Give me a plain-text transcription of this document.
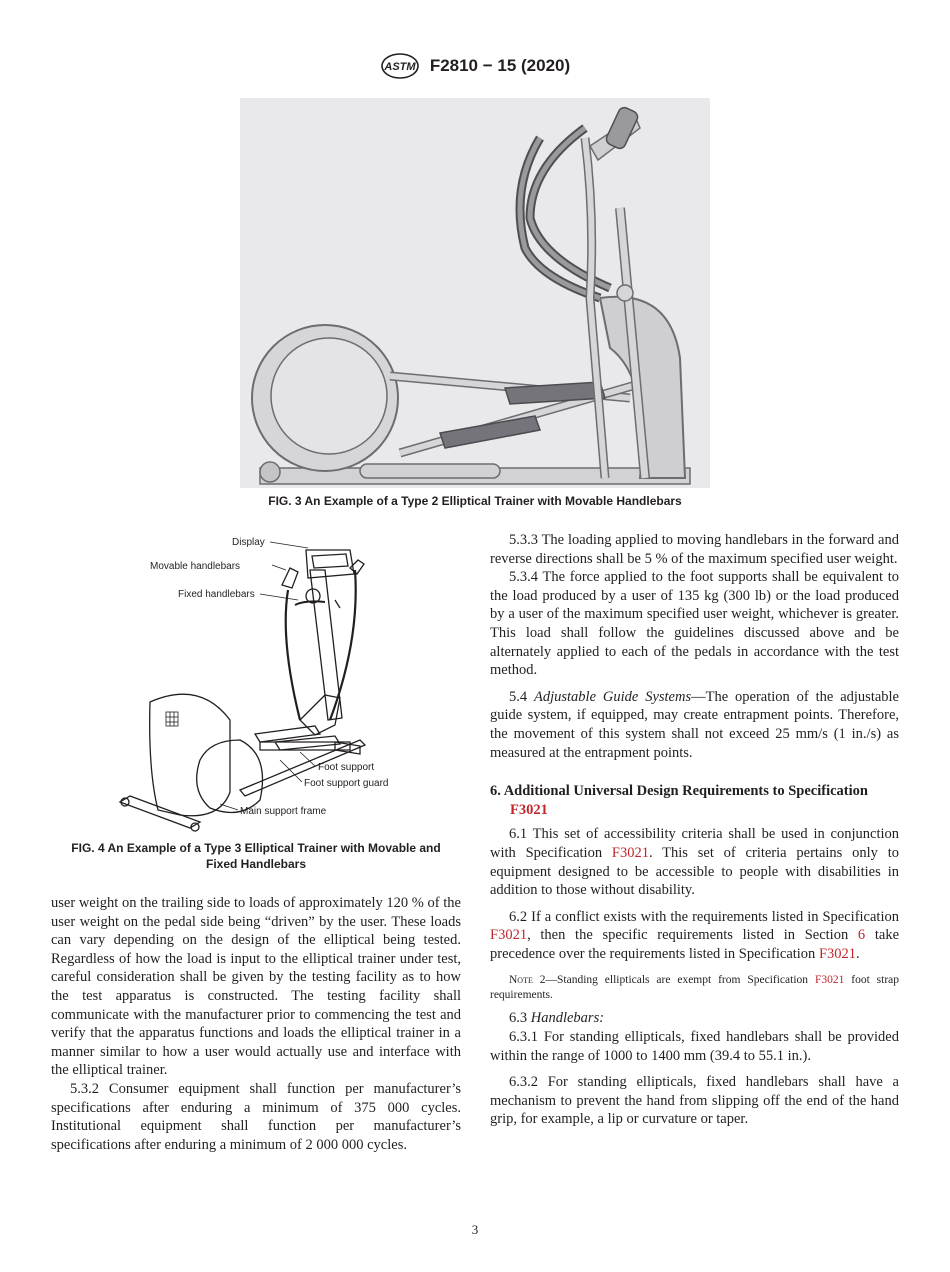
ASTM F2810 − 15 (2020)
FIG. 3 An Example of a Type 2 Elliptical Trainer with Movable Handlebars
Display
Movable handlebars
Fixed handlebars
Foot support
Foot support guard
Main support frame
FIG. 4 An Example of a Type 3 Elliptical Trainer with Movable and
Fixed Handlebars

user weight on the trailing side to loads of approximately 120 % of the user weight on the pedal side being “driven” by the user. These loads can vary depending on the design of the elliptical being tested. Regardless of how the load is input to the elliptical trainer under test, careful consideration shall be given by the testing facility as to how the test apparatus is constructed. The testing facility shall communicate with the manufacturer prior to commencing the test and verify that the apparatus functions and loads the elliptical trainer in a manner similar to how a user would actually use and interface with the elliptical trainer.

5.3.2 Consumer equipment shall function per manufacturer’s specifications after enduring a minimum of 375 000 cycles. Institutional equipment shall function per manufacturer’s specifications after enduring a minimum of 2 000 000 cycles.

5.3.3 The loading applied to moving handlebars in the forward and reverse directions shall be 5 % of the maximum specified user weight.

5.3.4 The force applied to the foot supports shall be equivalent to the load produced by a user of 135 kg (300 lb) or the load produced by a user of the maximum specified user weight, whichever is greater. This load shall follow the guidelines discussed above and be alternately applied to each of the pedals in accordance with the test method.

5.4 Adjustable Guide Systems—The operation of the adjustable guide system, if equipped, may create entrapment points. Therefore, the movement of this system shall not exceed 25 mm/s (1 in./s) as measured at the entrapment points.

6. Additional Universal Design Requirements to Specification F3021

6.1 This set of accessibility criteria shall be used in conjunction with Specification F3021. This set of criteria pertains only to equipment designed to be accessible to people with disabilities in addition to those without disability.

6.2 If a conflict exists with the requirements listed in Specification F3021, then the specific requirements listed in Section 6 take precedence over the requirements listed in Specification F3021.

Note 2—Standing ellipticals are exempt from Specification F3021 foot strap requirements.

6.3 Handlebars:

6.3.1 For standing ellipticals, fixed handlebars shall be provided within the range of 1000 to 1400 mm (39.4 to 55.1 in.).

6.3.2 For standing ellipticals, fixed handlebars shall have a mechanism to prevent the hand from slipping off the end of the hand grip, for example, a lip or curvature or taper.

3
